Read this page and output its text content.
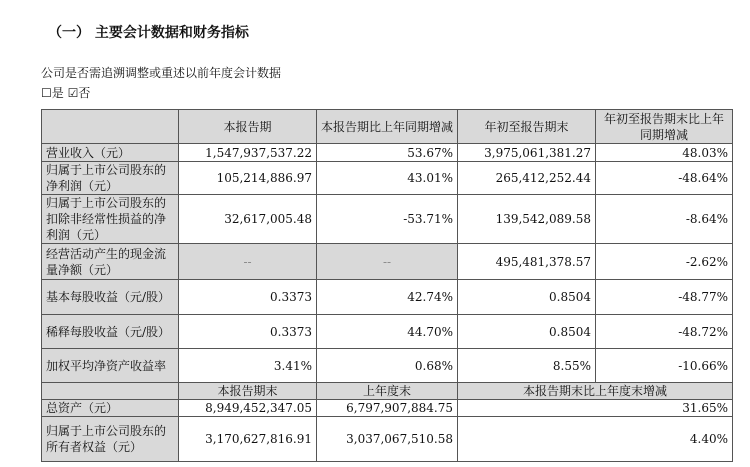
（一） 主要会计数据和财务指标
公司是否需追溯调整或重述以前年度会计数据
☐是 ☑否
	本报告期	本报告期比上年同期增减	年初至报告期末	年初至报告期末比上年同期增减
营业收入（元）	1,547,937,537.22	53.67%	3,975,061,381.27	48.03%
归属于上市公司股东的净利润（元）	105,214,886.97	43.01%	265,412,252.44	-48.64%
归属于上市公司股东的扣除非经常性损益的净利润（元）	32,617,005.48	-53.71%	139,542,089.58	-8.64%
经营活动产生的现金流量净额（元）	--	--	495,481,378.57	-2.62%
基本每股收益（元/股）	0.3373	42.74%	0.8504	-48.77%
稀释每股收益（元/股）	0.3373	44.70%	0.8504	-48.72%
加权平均净资产收益率	3.41%	0.68%	8.55%	-10.66%
	本报告期末	上年度末	本报告期末比上年度末增减	
总资产（元）	8,949,452,347.05	6,797,907,884.75	31.65%	
归属于上市公司股东的所有者权益（元）	3,170,627,816.91	3,037,067,510.58	4.40%	
